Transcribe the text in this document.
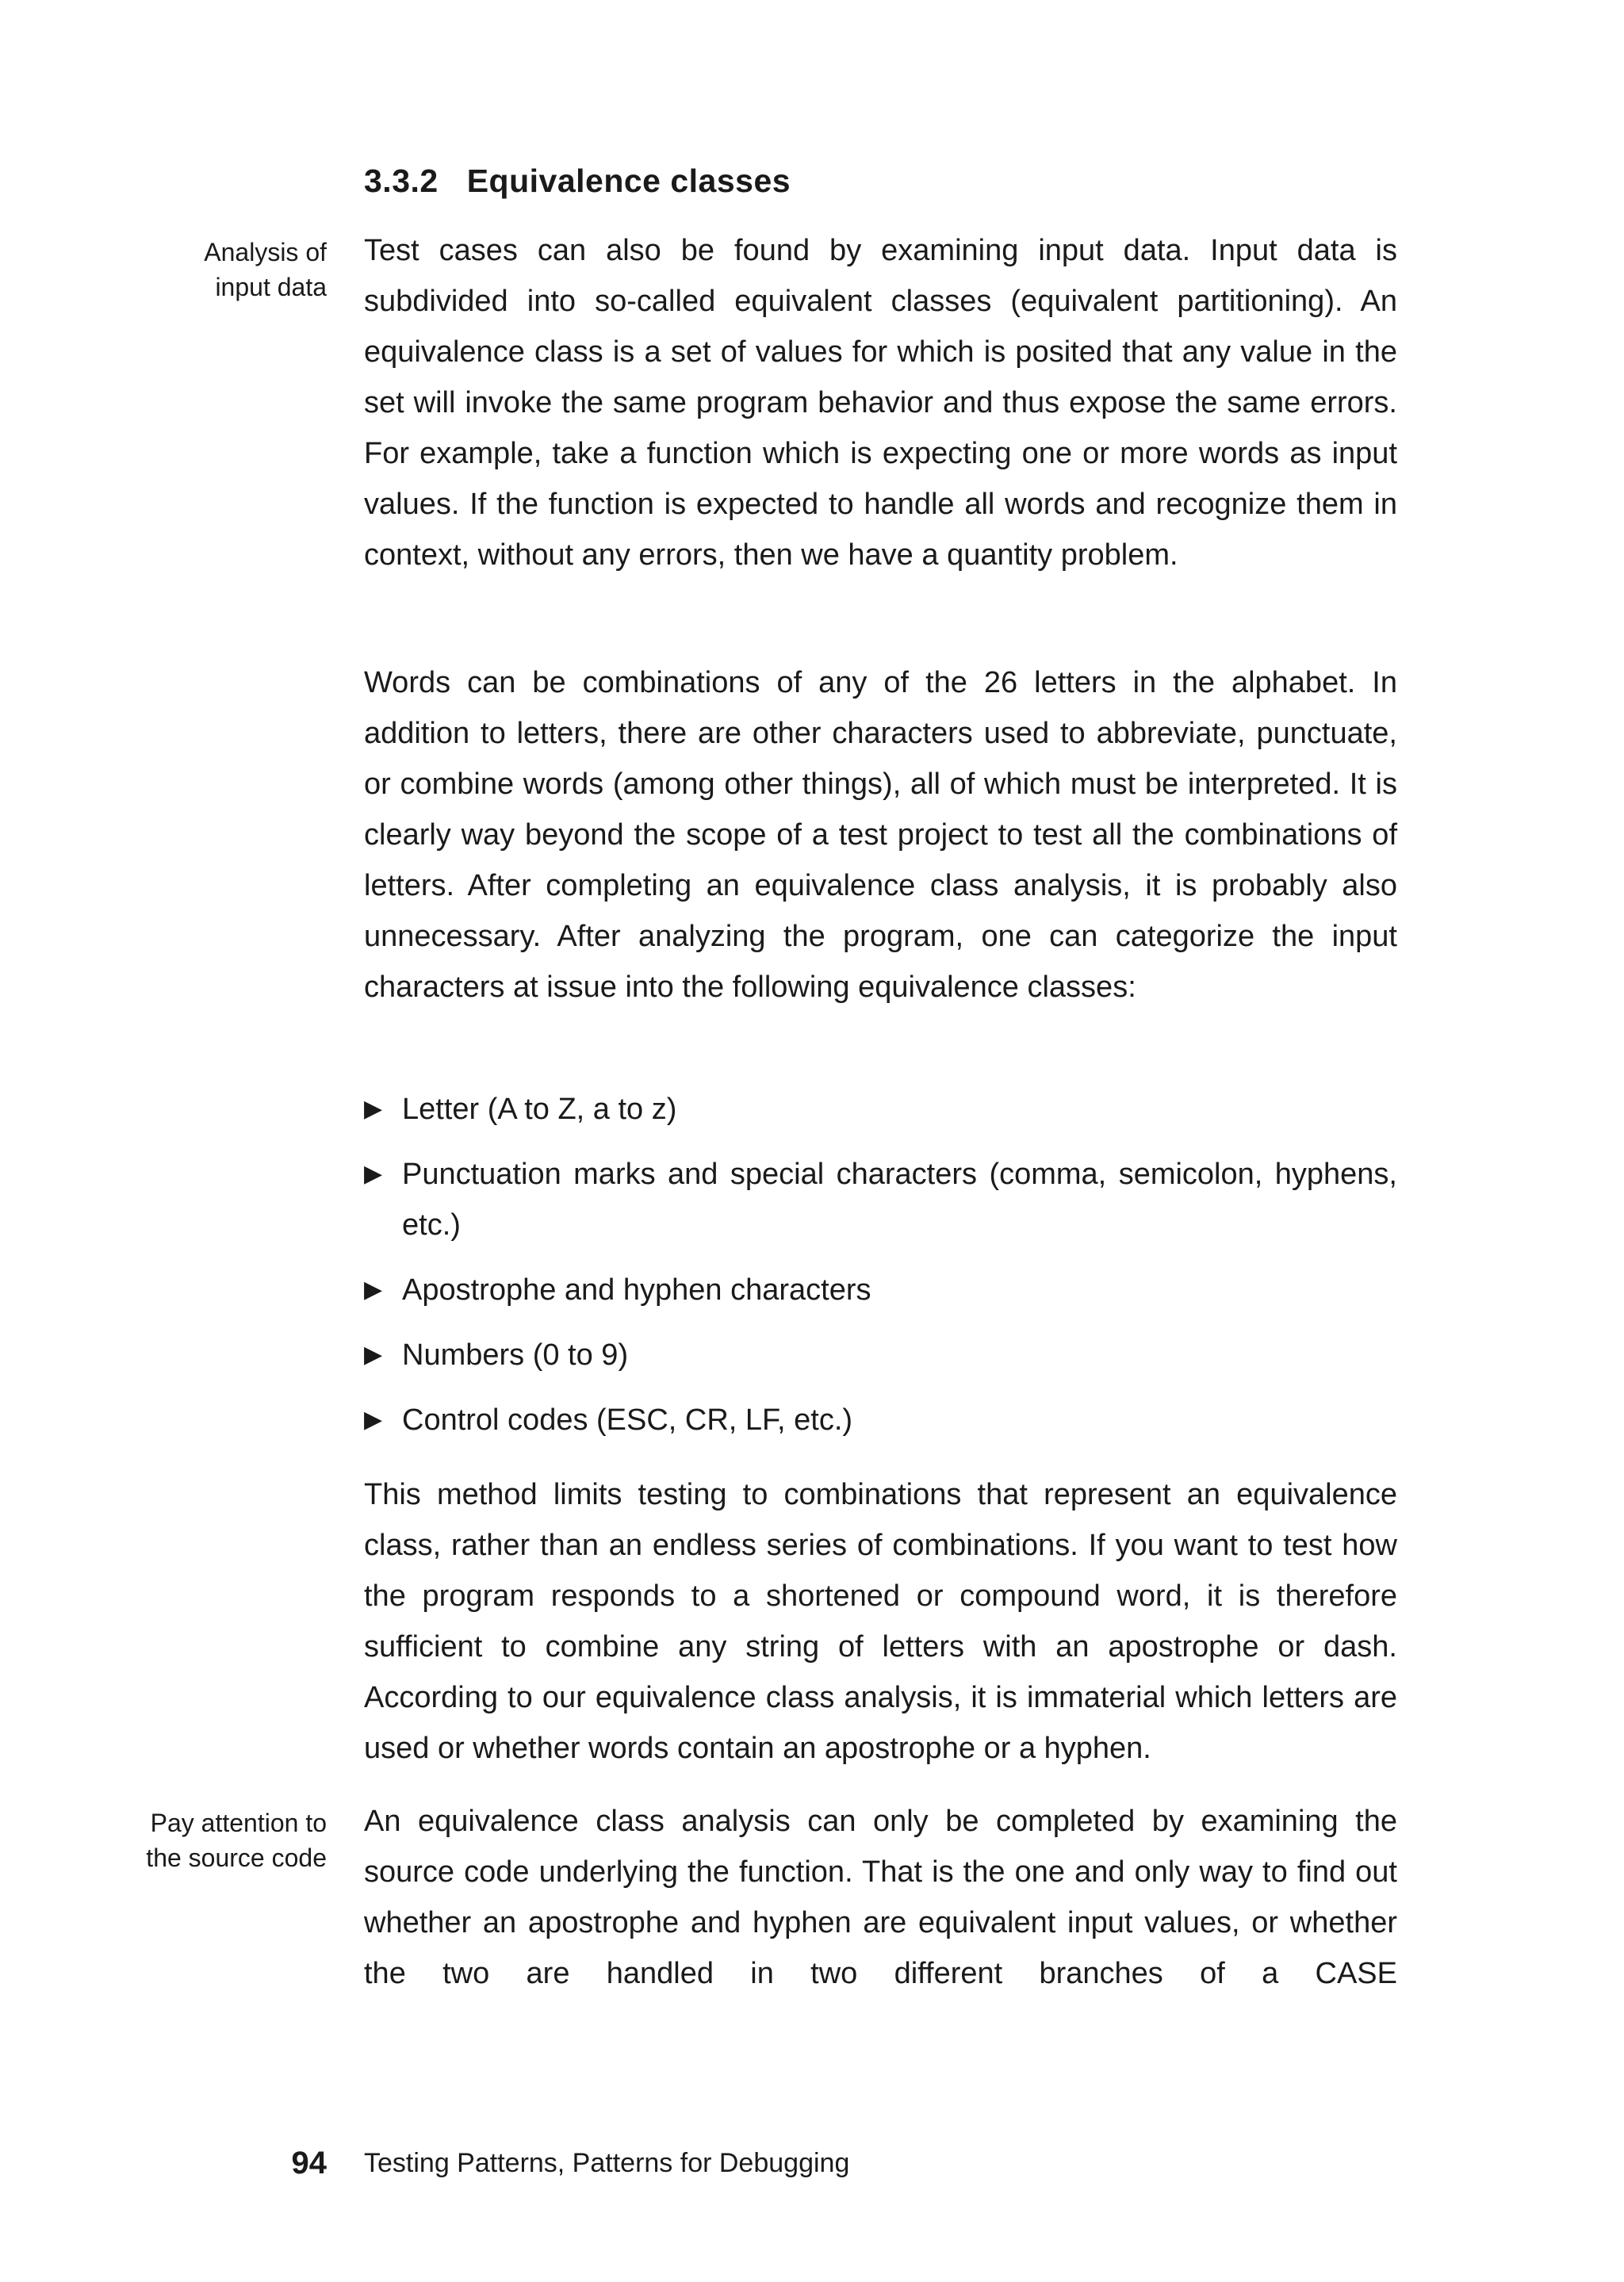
3.3.2 Equivalence classes
Analysis of
input data

Test cases can also be found by examining input data. Input data is subdivided into so-called equivalent classes (equivalent partitioning). An equivalence class is a set of values for which is posited that any value in the set will invoke the same program behavior and thus expose the same errors. For example, take a function which is expecting one or more words as input values. If the function is expected to handle all words and recognize them in context, without any errors, then we have a quantity problem.

Words can be combinations of any of the 26 letters in the alphabet. In addition to letters, there are other characters used to abbreviate, punctuate, or combine words (among other things), all of which must be interpreted. It is clearly way beyond the scope of a test project to test all the combinations of letters. After completing an equivalence class analysis, it is probably also unnecessary. After analyzing the program, one can categorize the input characters at issue into the following equivalence classes:

▶ Letter (A to Z, a to z)
▶ Punctuation marks and special characters (comma, semicolon, hyphens, etc.)
▶ Apostrophe and hyphen characters
▶ Numbers (0 to 9)
▶ Control codes (ESC, CR, LF, etc.)

This method limits testing to combinations that represent an equivalence class, rather than an endless series of combinations. If you want to test how the program responds to a shortened or compound word, it is therefore sufficient to combine any string of letters with an apostrophe or dash. According to our equivalence class analysis, it is immaterial which letters are used or whether words contain an apostrophe or a hyphen.

Pay attention to
the source code

An equivalence class analysis can only be completed by examining the source code underlying the function. That is the one and only way to find out whether an apostrophe and hyphen are equivalent input values, or whether the two are handled in two different branches of a CASE

94 Testing Patterns, Patterns for Debugging
